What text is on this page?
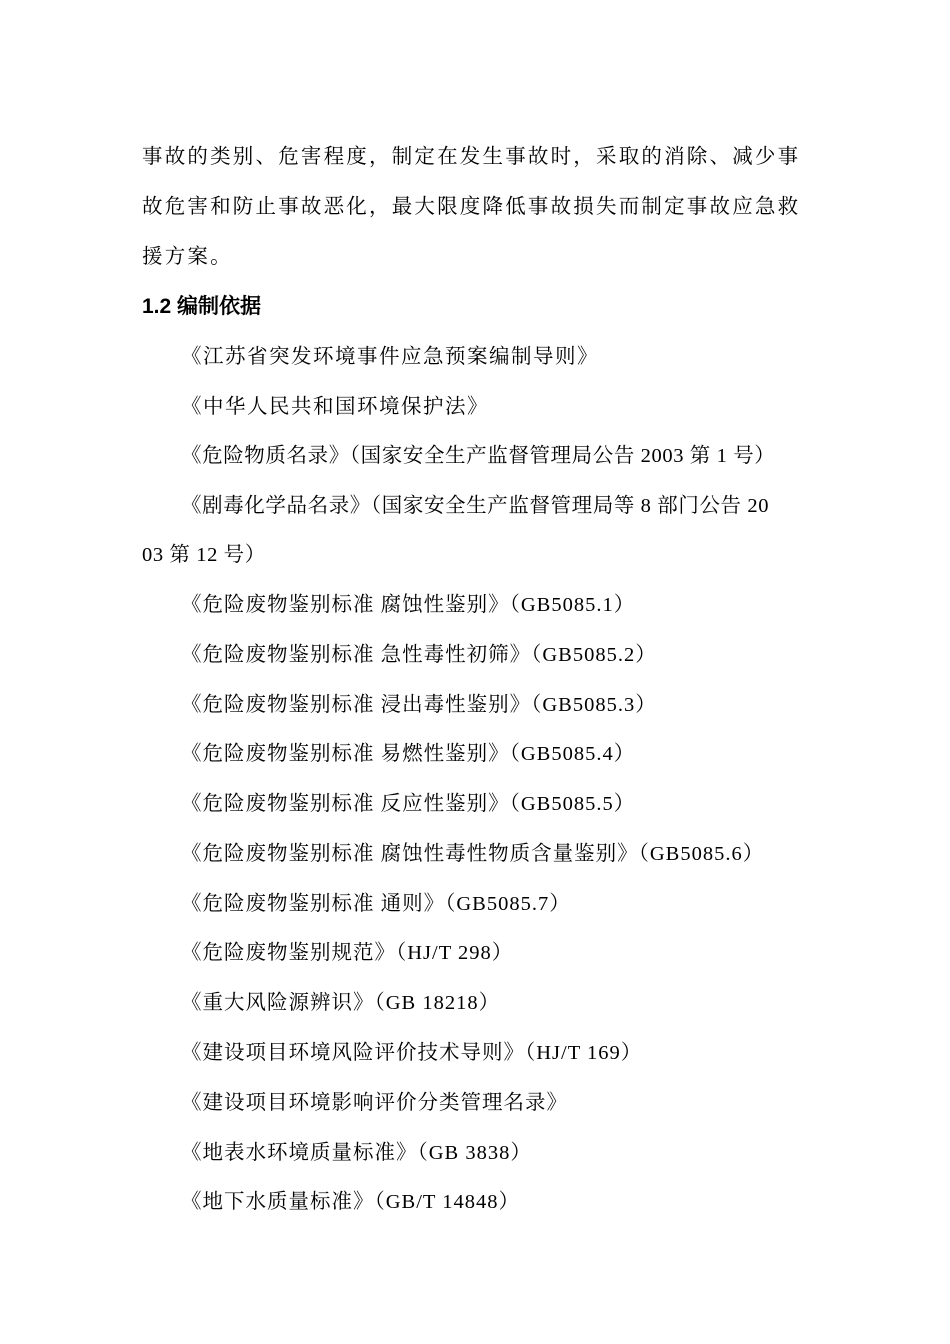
事故的类别、危害程度，制定在发生事故时，采取的消除、减少事
故危害和防止事故恶化，最大限度降低事故损失而制定事故应急救
援方案。
1.2 编制依据
《江苏省突发环境事件应急预案编制导则》
《中华人民共和国环境保护法》
《危险物质名录》（国家安全生产监督管理局公告 2003 第 1 号）
《剧毒化学品名录》（国家安全生产监督管理局等 8 部门公告 20
03 第 12 号）
《危险废物鉴别标准 腐蚀性鉴别》（GB5085.1）
《危险废物鉴别标准 急性毒性初筛》（GB5085.2）
《危险废物鉴别标准 浸出毒性鉴别》（GB5085.3）
《危险废物鉴别标准 易燃性鉴别》（GB5085.4）
《危险废物鉴别标准 反应性鉴别》（GB5085.5）
《危险废物鉴别标准 腐蚀性毒性物质含量鉴别》（GB5085.6）
《危险废物鉴别标准 通则》（GB5085.7）
《危险废物鉴别规范》（HJ/T 298）
《重大风险源辨识》（GB 18218）
《建设项目环境风险评价技术导则》（HJ/T 169）
《建设项目环境影响评价分类管理名录》
《地表水环境质量标准》（GB 3838）
《地下水质量标准》（GB/T 14848）
